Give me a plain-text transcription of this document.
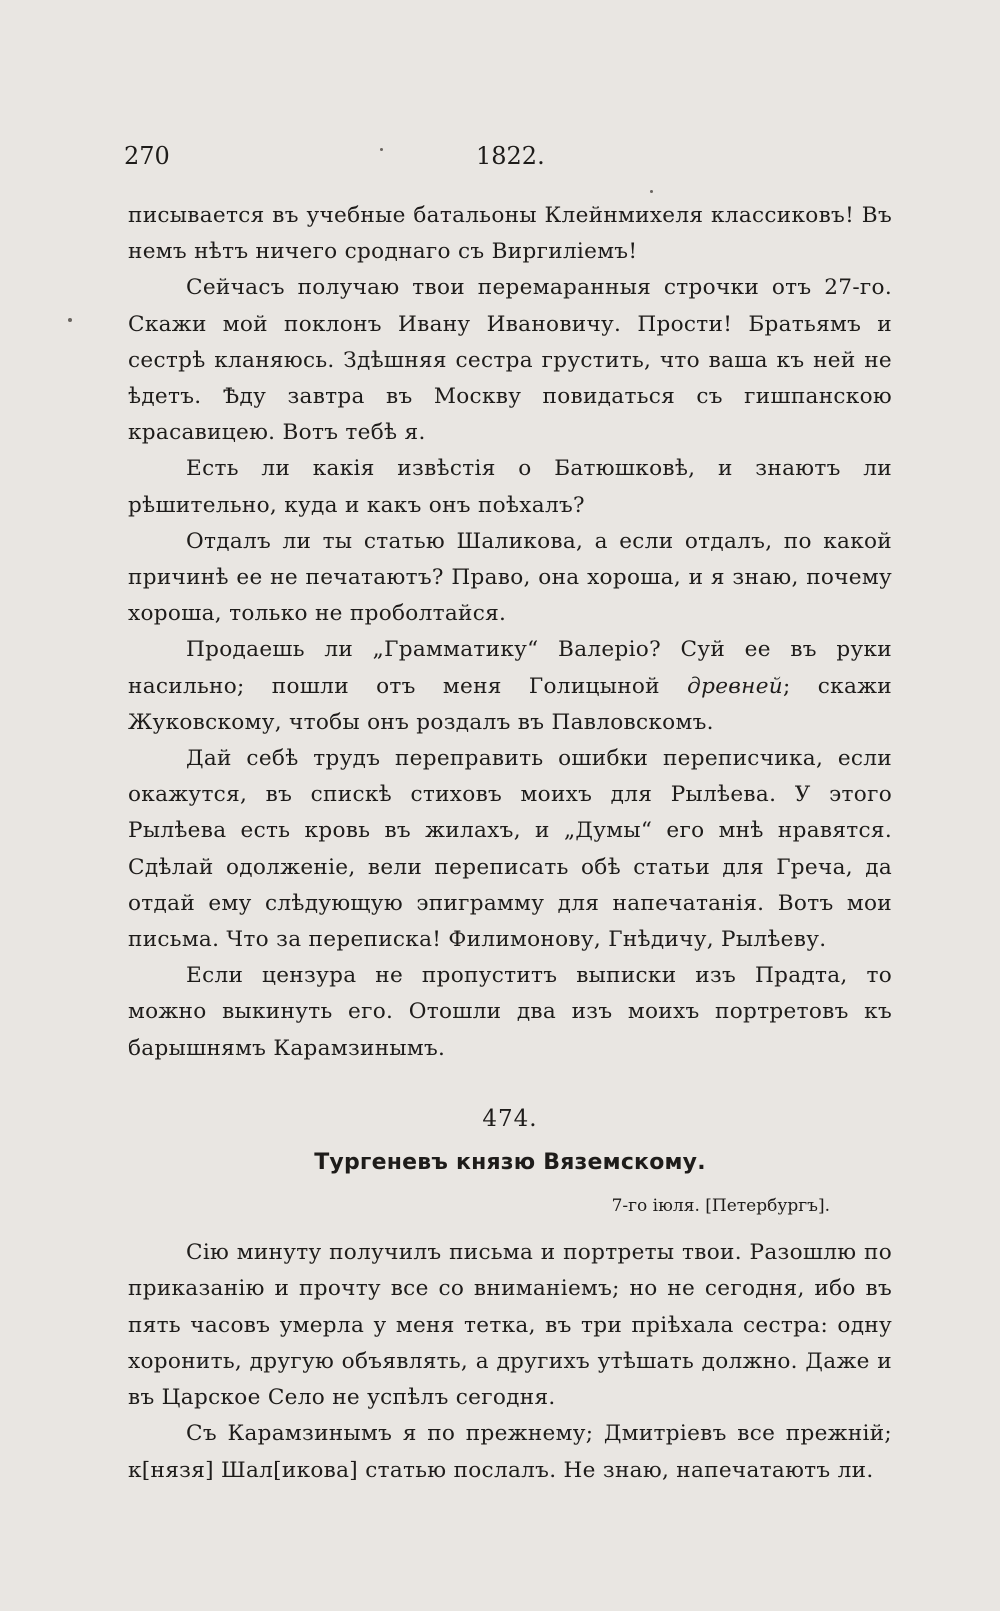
270	1822.

писывается въ учебные батальоны Клейнмихеля классиковъ! Въ немъ нѣтъ ничего сроднаго съ Виргиліемъ!

Сейчасъ получаю твои перемаранныя строчки отъ 27-го. Скажи мой поклонъ Ивану Ивановичу. Прости! Братьямъ и сестрѣ кланяюсь. Здѣшняя сестра грустить, что ваша къ ней не ѣдетъ. Ѣду завтра въ Москву повидаться съ гишпанскою красавицею. Вотъ тебѣ я.

Есть ли какія извѣстія о Батюшковѣ, и знаютъ ли рѣшительно, куда и какъ онъ поѣхалъ?

Отдалъ ли ты статью Шаликова, а если отдалъ, по какой причинѣ ее не печатаютъ? Право, она хороша, и я знаю, почему хороша, только не проболтайся.

Продаешь ли „Грамматику“ Валеріо? Суй ее въ руки насильно; пошли отъ меня Голицыной древней; скажи Жуковскому, чтобы онъ роздалъ въ Павловскомъ.

Дай себѣ трудъ переправить ошибки переписчика, если окажутся, въ спискѣ стиховъ моихъ для Рылѣева. У этого Рылѣева есть кровь въ жилахъ, и „Думы“ его мнѣ нравятся. Сдѣлай одолженіе, вели переписать обѣ статьи для Греча, да отдай ему слѣдующую эпиграмму для напечатанія. Вотъ мои письма. Что за переписка! Филимонову, Гнѣдичу, Рылѣеву.

Если цензура не пропуститъ выписки изъ Прадта, то можно выкинуть его. Отошли два изъ моихъ портретовъ къ барышнямъ Карамзинымъ.

474.
Тургеневъ князю Вяземскому.
7-го іюля. [Петербургъ].

Сію минуту получилъ письма и портреты твои. Разошлю по приказанію и прочту все со вниманіемъ; но не сегодня, ибо въ пять часовъ умерла у меня тетка, въ три пріѣхала сестра: одну хоронить, другую объявлять, а другихъ утѣшать должно. Даже и въ Царское Село не успѣлъ сегодня.

Съ Карамзинымъ я по прежнему; Дмитріевъ все прежній; к[нязя] Шал[икова] статью послалъ. Не знаю, напечатаютъ ли.
